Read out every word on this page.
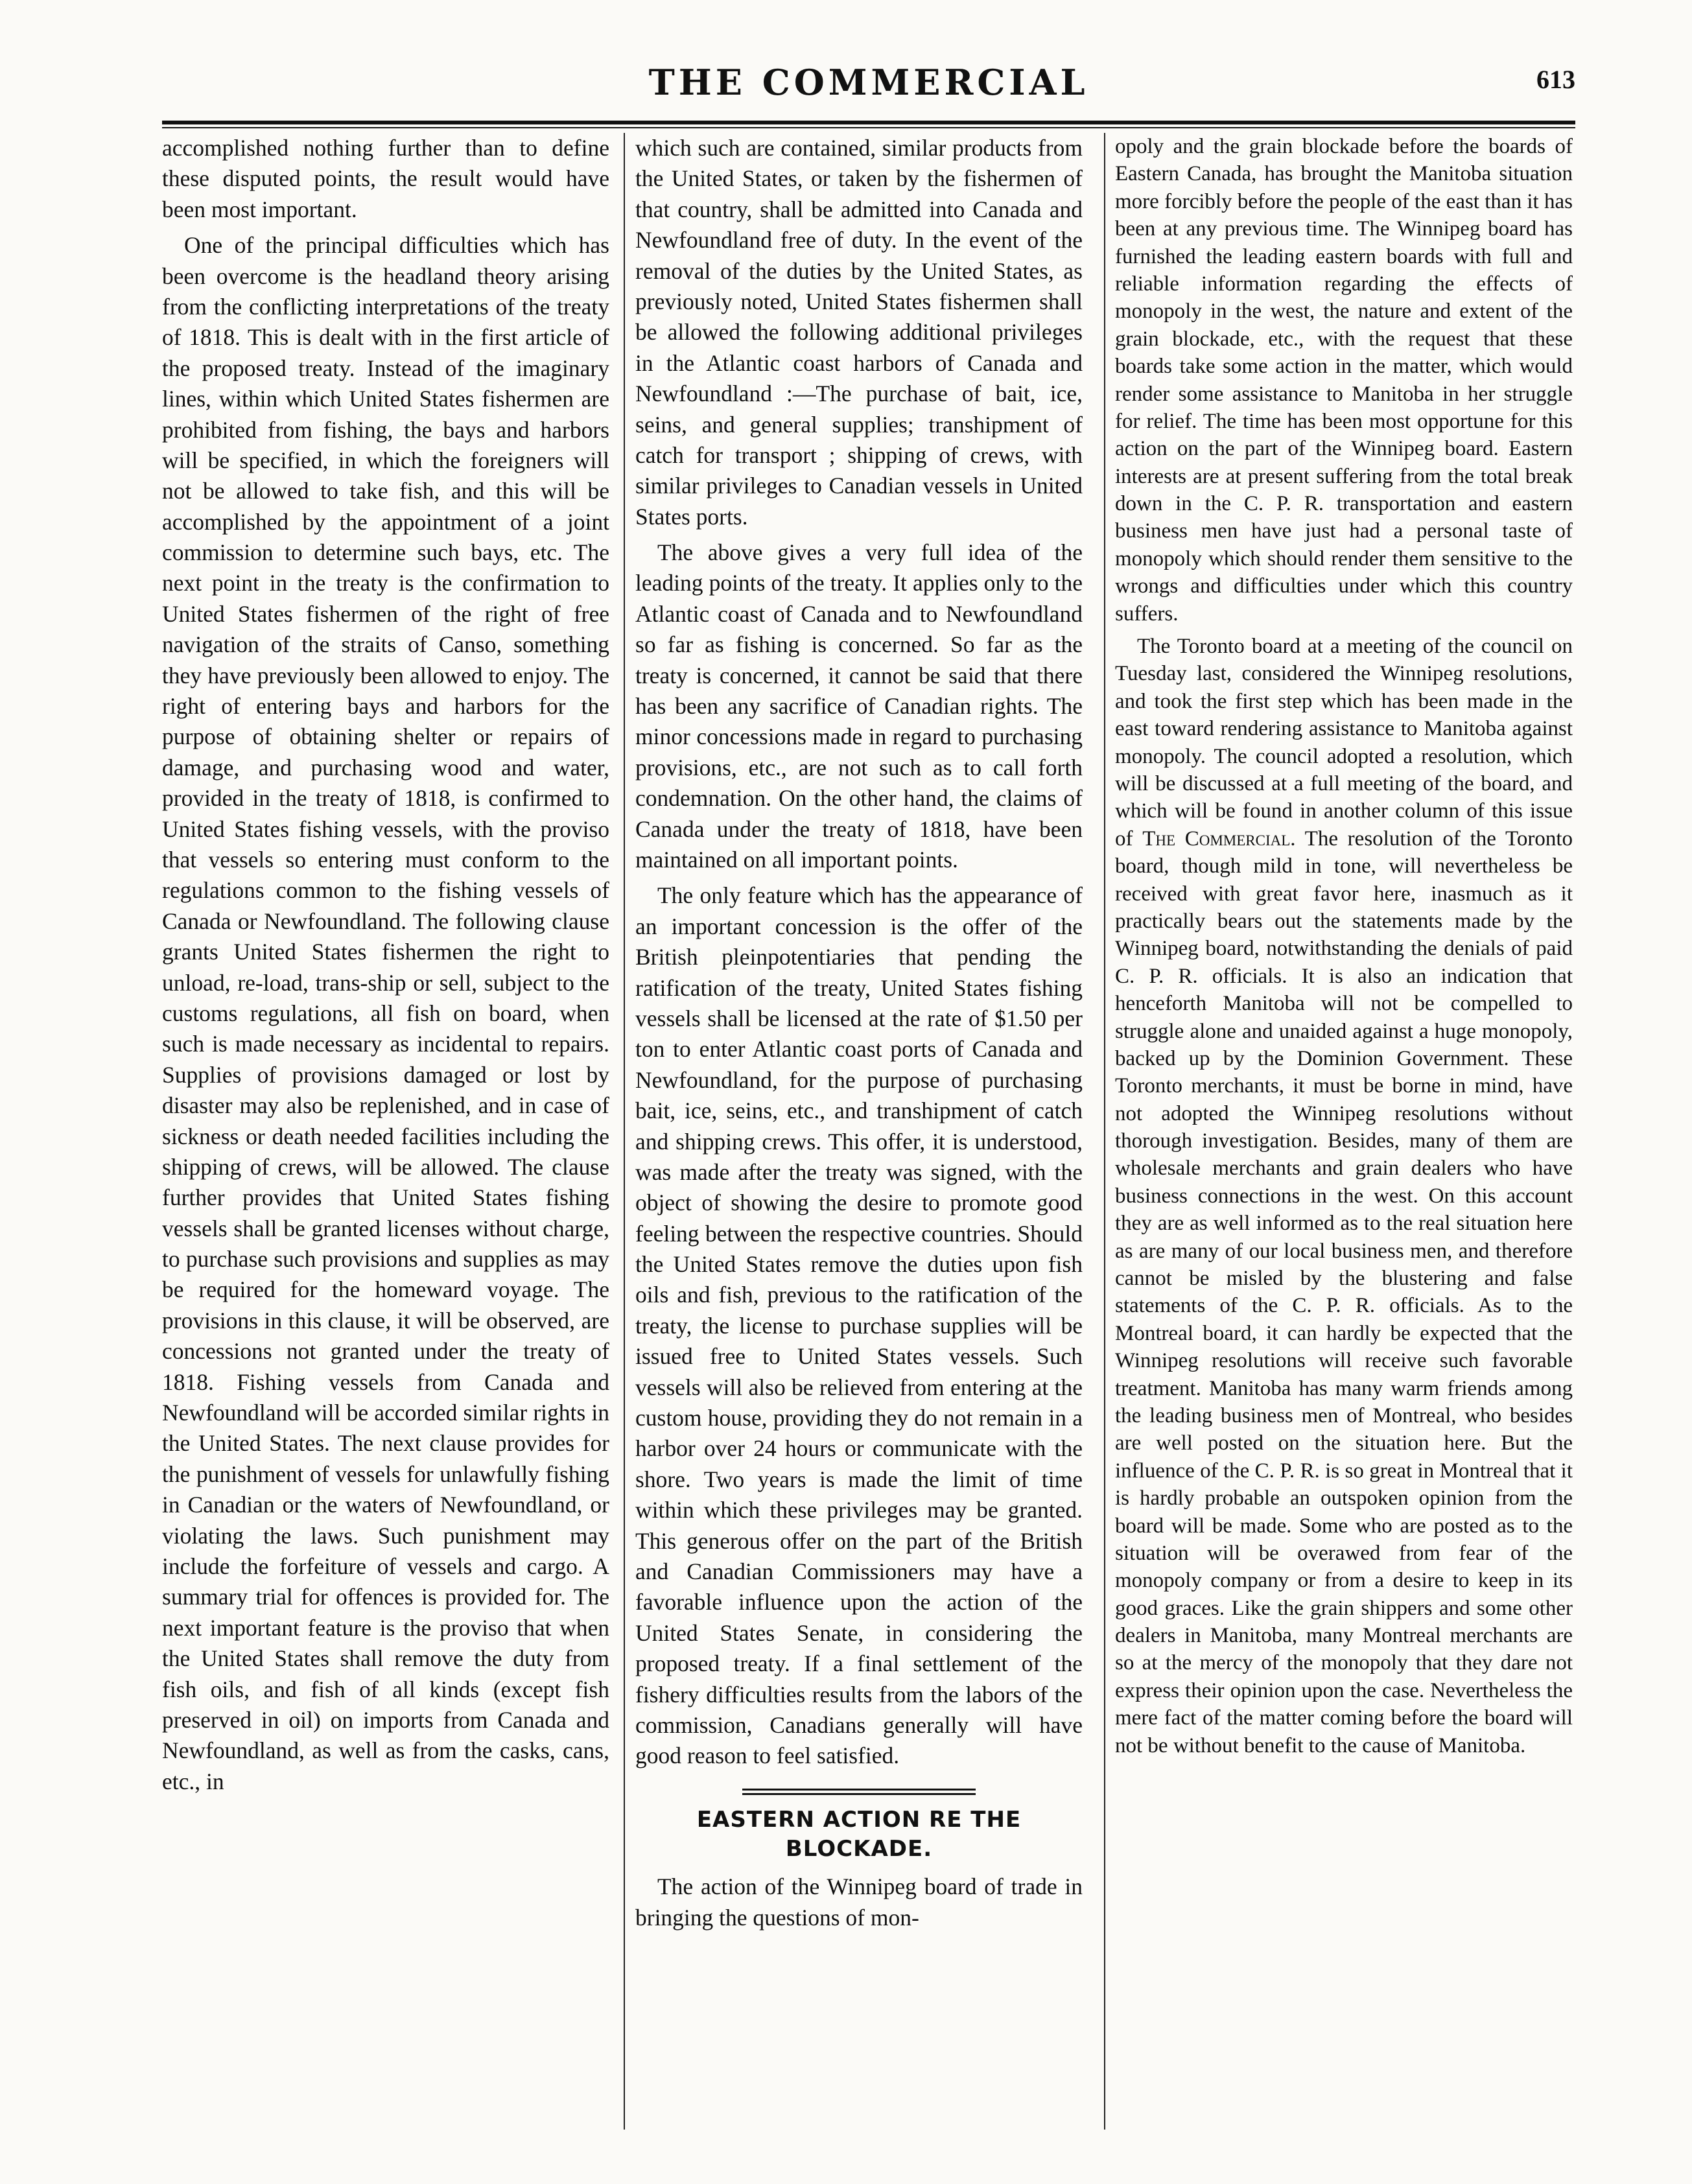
THE COMMERCIAL	613

accomplished nothing further than to define these disputed points, the result would have been most important.

One of the principal difficulties which has been overcome is the headland theory arising from the conflicting interpretations of the treaty of 1818. This is dealt with in the first article of the proposed treaty. Instead of the imaginary lines, within which United States fishermen are prohibited from fishing, the bays and harbors will be specified, in which the foreigners will not be allowed to take fish, and this will be accomplished by the appointment of a joint commission to determine such bays, etc. The next point in the treaty is the confirmation to United States fishermen of the right of free navigation of the straits of Canso, something they have previously been allowed to enjoy. The right of entering bays and harbors for the purpose of obtaining shelter or repairs of damage, and purchasing wood and water, provided in the treaty of 1818, is confirmed to United States fishing vessels, with the proviso that vessels so entering must conform to the regulations common to the fishing vessels of Canada or Newfoundland. The following clause grants United States fishermen the right to unload, re-load, trans-ship or sell, subject to the customs regulations, all fish on board, when such is made necessary as incidental to repairs. Supplies of provisions damaged or lost by disaster may also be replenished, and in case of sickness or death needed facilities including the shipping of crews, will be allowed. The clause further provides that United States fishing vessels shall be granted licenses without charge, to purchase such provisions and supplies as may be required for the homeward voyage. The provisions in this clause, it will be observed, are concessions not granted under the treaty of 1818. Fishing vessels from Canada and Newfoundland will be accorded similar rights in the United States. The next clause provides for the punishment of vessels for unlawfully fishing in Canadian or the waters of Newfoundland, or violating the laws. Such punishment may include the forfeiture of vessels and cargo. A summary trial for offences is provided for. The next important feature is the proviso that when the United States shall remove the duty from fish oils, and fish of all kinds (except fish preserved in oil) on imports from Canada and Newfoundland, as well as from the casks, cans, etc., in

which such are contained, similar products from the United States, or taken by the fishermen of that country, shall be admitted into Canada and Newfoundland free of duty. In the event of the removal of the duties by the United States, as previously noted, United States fishermen shall be allowed the following additional privileges in the Atlantic coast harbors of Canada and Newfoundland :—The purchase of bait, ice, seins, and general supplies; transhipment of catch for transport ; shipping of crews, with similar privileges to Canadian vessels in United States ports.

The above gives a very full idea of the leading points of the treaty. It applies only to the Atlantic coast of Canada and to Newfoundland so far as fishing is concerned. So far as the treaty is concerned, it cannot be said that there has been any sacrifice of Canadian rights. The minor concessions made in regard to purchasing provisions, etc., are not such as to call forth condemnation. On the other hand, the claims of Canada under the treaty of 1818, have been maintained on all important points.

The only feature which has the appearance of an important concession is the offer of the British pleinpotentiaries that pending the ratification of the treaty, United States fishing vessels shall be licensed at the rate of $1.50 per ton to enter Atlantic coast ports of Canada and Newfoundland, for the purpose of purchasing bait, ice, seins, etc., and transhipment of catch and shipping crews. This offer, it is understood, was made after the treaty was signed, with the object of showing the desire to promote good feeling between the respective countries. Should the United States remove the duties upon fish oils and fish, previous to the ratification of the treaty, the license to purchase supplies will be issued free to United States vessels. Such vessels will also be relieved from entering at the custom house, providing they do not remain in a harbor over 24 hours or communicate with the shore. Two years is made the limit of time within which these privileges may be granted. This generous offer on the part of the British and Canadian Commissioners may have a favorable influence upon the action of the United States Senate, in considering the proposed treaty. If a final settlement of the fishery difficulties results from the labors of the commission, Canadians generally will have good reason to feel satisfied.

EASTERN ACTION RE THE BLOCKADE.

The action of the Winnipeg board of trade in bringing the questions of mon-

opoly and the grain blockade before the boards of Eastern Canada, has brought the Manitoba situation more forcibly before the people of the east than it has been at any previous time. The Winnipeg board has furnished the leading eastern boards with full and reliable information regarding the effects of monopoly in the west, the nature and extent of the grain blockade, etc., with the request that these boards take some action in the matter, which would render some assistance to Manitoba in her struggle for relief. The time has been most opportune for this action on the part of the Winnipeg board. Eastern interests are at present suffering from the total break down in the C. P. R. transportation and eastern business men have just had a personal taste of monopoly which should render them sensitive to the wrongs and difficulties under which this country suffers.

The Toronto board at a meeting of the council on Tuesday last, considered the Winnipeg resolutions, and took the first step which has been made in the east toward rendering assistance to Manitoba against monopoly. The council adopted a resolution, which will be discussed at a full meeting of the board, and which will be found in another column of this issue of The Commercial. The resolution of the Toronto board, though mild in tone, will nevertheless be received with great favor here, inasmuch as it practically bears out the statements made by the Winnipeg board, notwithstanding the denials of paid C. P. R. officials. It is also an indication that henceforth Manitoba will not be compelled to struggle alone and unaided against a huge monopoly, backed up by the Dominion Government. These Toronto merchants, it must be borne in mind, have not adopted the Winnipeg resolutions without thorough investigation. Besides, many of them are wholesale merchants and grain dealers who have business connections in the west. On this account they are as well informed as to the real situation here as are many of our local business men, and therefore cannot be misled by the blustering and false statements of the C. P. R. officials. As to the Montreal board, it can hardly be expected that the Winnipeg resolutions will receive such favorable treatment. Manitoba has many warm friends among the leading business men of Montreal, who besides are well posted on the situation here. But the influence of the C. P. R. is so great in Montreal that it is hardly probable an outspoken opinion from the board will be made. Some who are posted as to the situation will be overawed from fear of the monopoly company or from a desire to keep in its good graces. Like the grain shippers and some other dealers in Manitoba, many Montreal merchants are so at the mercy of the monopoly that they dare not express their opinion upon the case. Nevertheless the mere fact of the matter coming before the board will not be without benefit to the cause of Manitoba.
